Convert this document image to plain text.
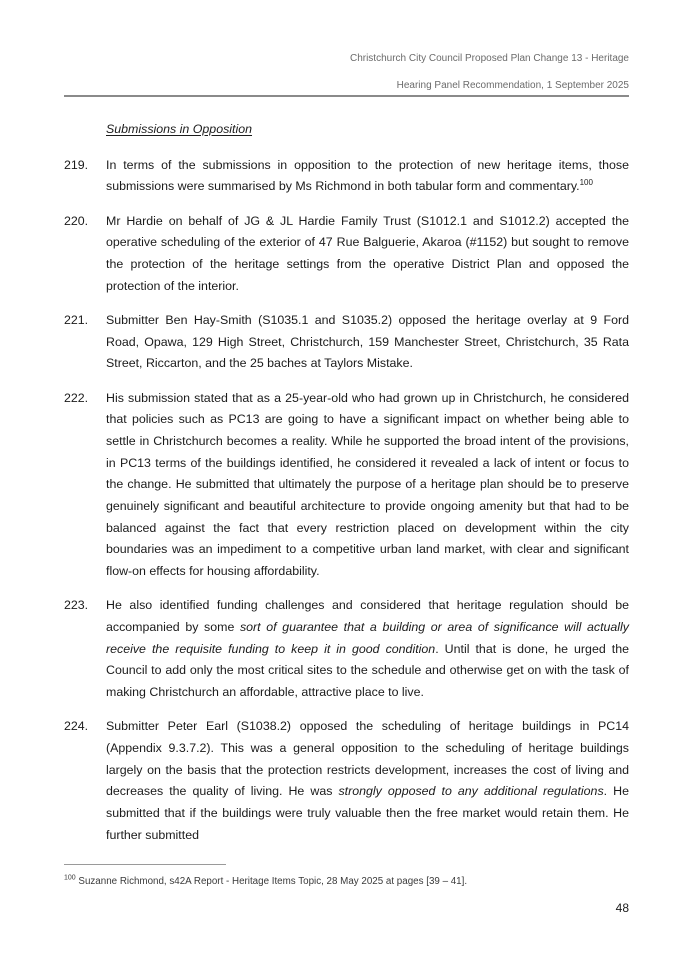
Christchurch City Council Proposed Plan Change 13 - Heritage
Hearing Panel Recommendation, 1 September 2025
Submissions in Opposition
219.	In terms of the submissions in opposition to the protection of new heritage items, those submissions were summarised by Ms Richmond in both tabular form and commentary.$^{100}$
220.	Mr Hardie on behalf of JG & JL Hardie Family Trust (S1012.1 and S1012.2) accepted the operative scheduling of the exterior of 47 Rue Balguerie, Akaroa (#1152) but sought to remove the protection of the heritage settings from the operative District Plan and opposed the protection of the interior.
221.	Submitter Ben Hay-Smith (S1035.1 and S1035.2) opposed the heritage overlay at 9 Ford Road, Opawa, 129 High Street, Christchurch, 159 Manchester Street, Christchurch, 35 Rata Street, Riccarton, and the 25 baches at Taylors Mistake.
222.	His submission stated that as a 25-year-old who had grown up in Christchurch, he considered that policies such as PC13 are going to have a significant impact on whether being able to settle in Christchurch becomes a reality. While he supported the broad intent of the provisions, in PC13 terms of the buildings identified, he considered it revealed a lack of intent or focus to the change. He submitted that ultimately the purpose of a heritage plan should be to preserve genuinely significant and beautiful architecture to provide ongoing amenity but that had to be balanced against the fact that every restriction placed on development within the city boundaries was an impediment to a competitive urban land market, with clear and significant flow-on effects for housing affordability.
223.	He also identified funding challenges and considered that heritage regulation should be accompanied by some sort of guarantee that a building or area of significance will actually receive the requisite funding to keep it in good condition. Until that is done, he urged the Council to add only the most critical sites to the schedule and otherwise get on with the task of making Christchurch an affordable, attractive place to live.
224.	Submitter Peter Earl (S1038.2) opposed the scheduling of heritage buildings in PC14 (Appendix 9.3.7.2). This was a general opposition to the scheduling of heritage buildings largely on the basis that the protection restricts development, increases the cost of living and decreases the quality of living. He was strongly opposed to any additional regulations. He submitted that if the buildings were truly valuable then the free market would retain them. He further submitted
$^{100}$ Suzanne Richmond, s42A Report - Heritage Items Topic, 28 May 2025 at pages [39 – 41].
48
